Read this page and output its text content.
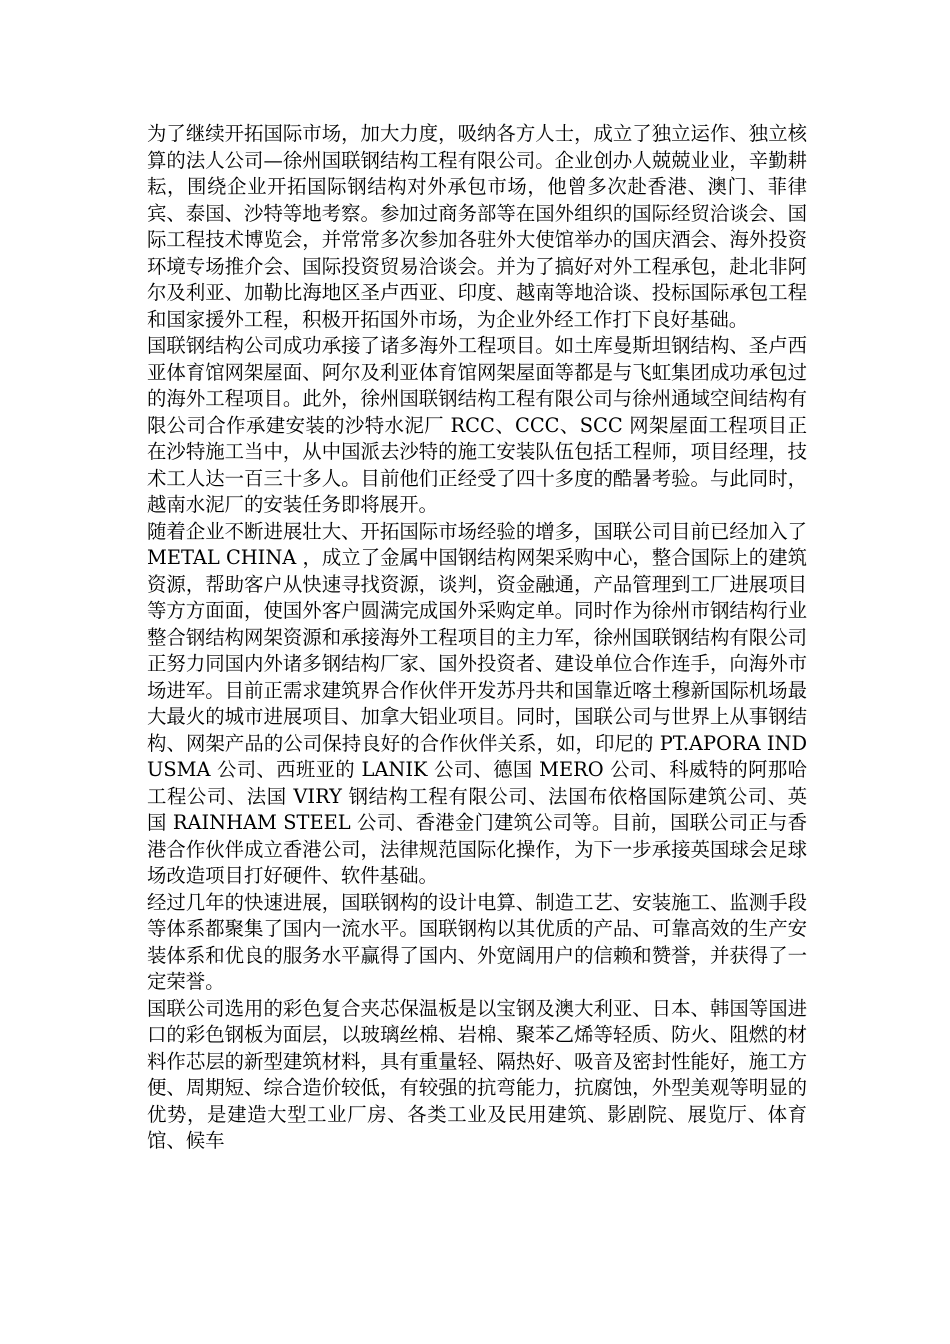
为了继续开拓国际市场，加大力度，吸纳各方人士，成立了独立运作、独立核算的法人公司—徐州国联钢结构工程有限公司。企业创办人兢兢业业，辛勤耕耘，围绕企业开拓国际钢结构对外承包市场，他曾多次赴香港、澳门、菲律宾、泰国、沙特等地考察。参加过商务部等在国外组织的国际经贸洽谈会、国际工程技术博览会，并常常多次参加各驻外大使馆举办的国庆酒会、海外投资环境专场推介会、国际投资贸易洽谈会。并为了搞好对外工程承包，赴北非阿尔及利亚、加勒比海地区圣卢西亚、印度、越南等地洽谈、投标国际承包工程和国家援外工程，积极开拓国外市场，为企业外经工作打下良好基础。

国联钢结构公司成功承接了诸多海外工程项目。如土库曼斯坦钢结构、圣卢西亚体育馆网架屋面、阿尔及利亚体育馆网架屋面等都是与飞虹集团成功承包过的海外工程项目。此外，徐州国联钢结构工程有限公司与徐州通域空间结构有限公司合作承建安装的沙特水泥厂 RCC、CCC、SCC 网架屋面工程项目正在沙特施工当中，从中国派去沙特的施工安装队伍包括工程师，项目经理，技术工人达一百三十多人。目前他们正经受了四十多度的酷暑考验。与此同时，越南水泥厂的安装任务即将展开。

随着企业不断进展壮大、开拓国际市场经验的增多，国联公司目前已经加入了 METAL CHINA ，成立了金属中国钢结构网架采购中心，整合国际上的建筑资源，帮助客户从快速寻找资源，谈判，资金融通，产品管理到工厂进展项目等方方面面，使国外客户圆满完成国外采购定单。同时作为徐州市钢结构行业整合钢结构网架资源和承接海外工程项目的主力军，徐州国联钢结构有限公司正努力同国内外诸多钢结构厂家、国外投资者、建设单位合作连手，向海外市场进军。目前正需求建筑界合作伙伴开发苏丹共和国靠近喀土穆新国际机场最大最火的城市进展项目、加拿大铝业项目。同时，国联公司与世界上从事钢结构、网架产品的公司保持良好的合作伙伴关系，如，印尼的 PT.APORA INDUSMA 公司、西班亚的 LANIK 公司、德国 MERO 公司、科威特的阿那哈工程公司、法国 VIRY 钢结构工程有限公司、法国布依格国际建筑公司、英国 RAINHAM STEEL 公司、香港金门建筑公司等。目前，国联公司正与香港合作伙伴成立香港公司，法律规范国际化操作，为下一步承接英国球会足球场改造项目打好硬件、软件基础。

经过几年的快速进展，国联钢构的设计电算、制造工艺、安装施工、监测手段等体系都聚集了国内一流水平。国联钢构以其优质的产品、可靠高效的生产安装体系和优良的服务水平赢得了国内、外宽阔用户的信赖和赞誉，并获得了一定荣誉。

国联公司选用的彩色复合夹芯保温板是以宝钢及澳大利亚、日本、韩国等国进口的彩色钢板为面层，以玻璃丝棉、岩棉、聚苯乙烯等轻质、防火、阻燃的材料作芯层的新型建筑材料，具有重量轻、隔热好、吸音及密封性能好，施工方便、周期短、综合造价较低，有较强的抗弯能力，抗腐蚀，外型美观等明显的优势，是建造大型工业厂房、各类工业及民用建筑、影剧院、展览厅、体育馆、候车
